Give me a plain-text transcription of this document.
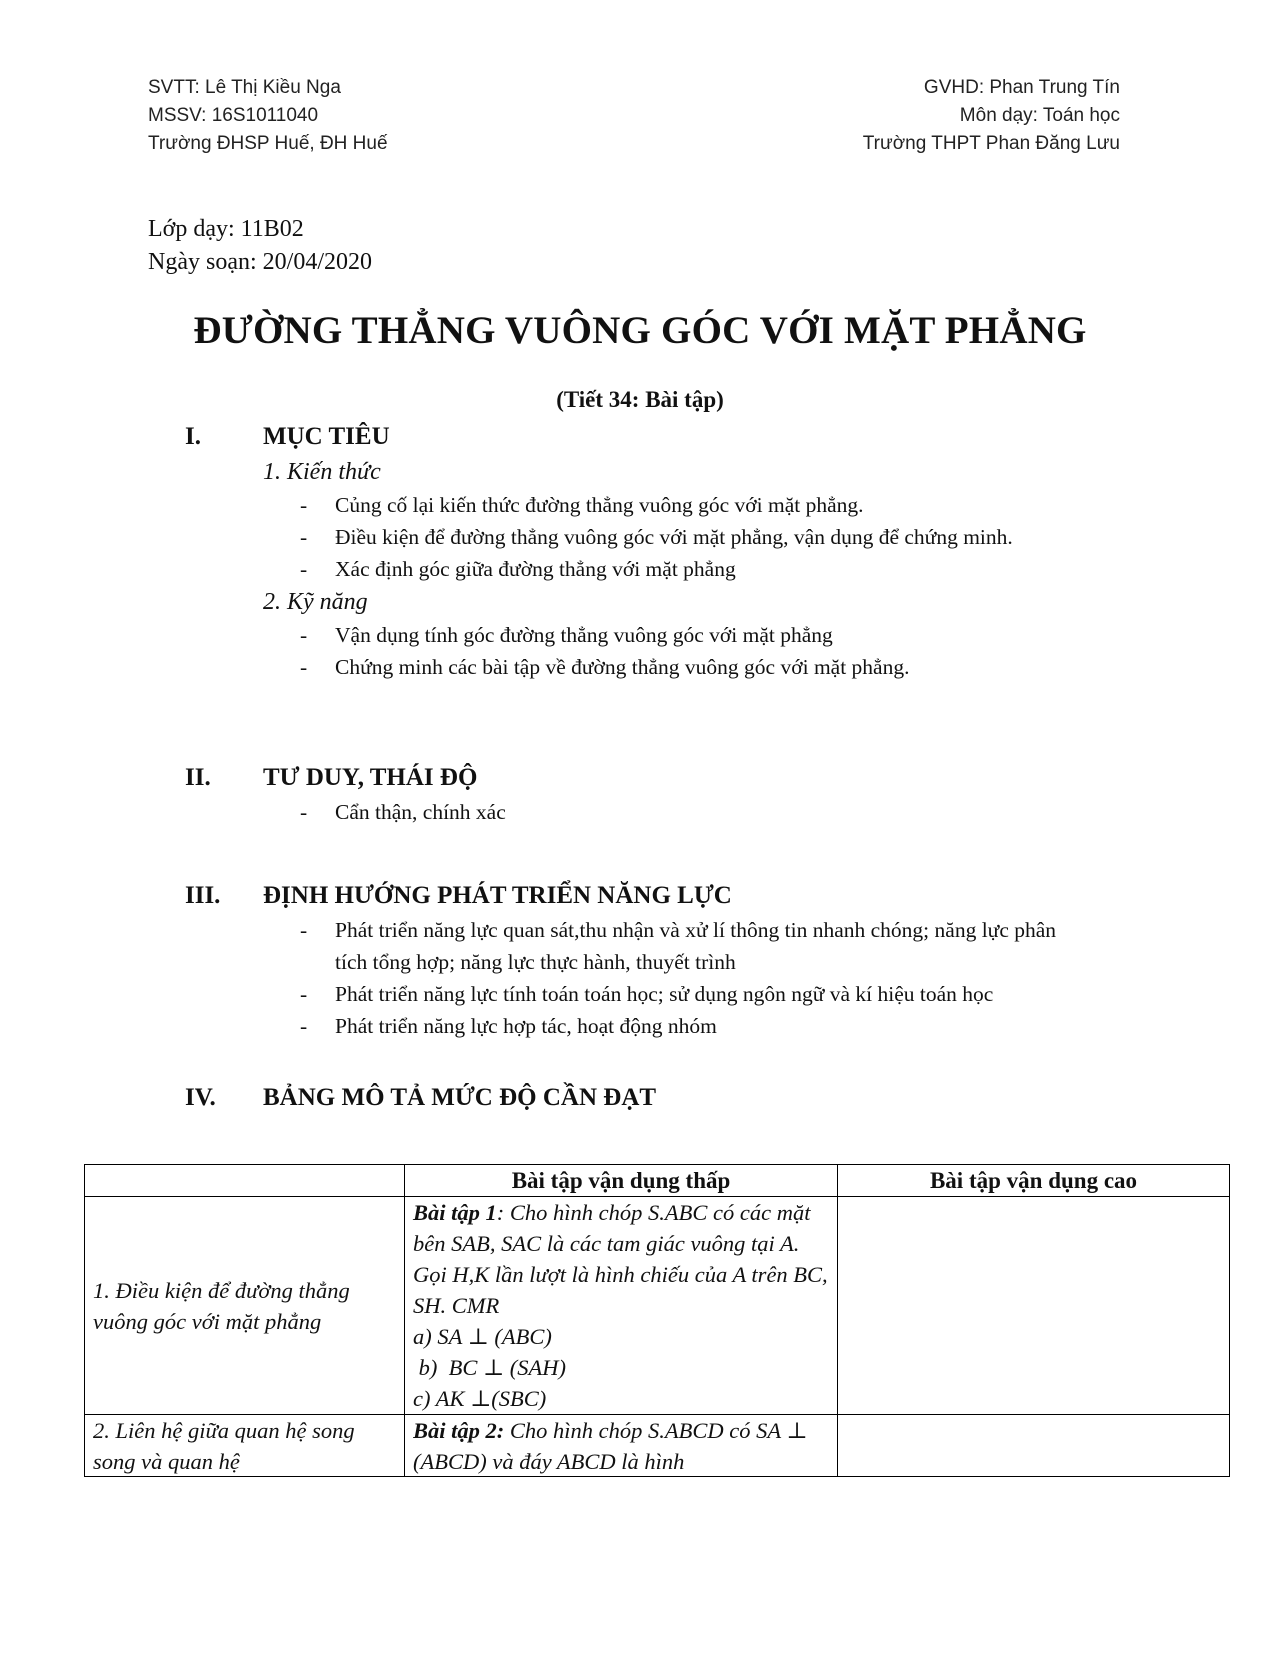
SVTT: Lê Thị Kiều Nga
MSSV: 16S1011040
Trường ĐHSP Huế, ĐH Huế
GVHD: Phan Trung Tín
Môn dạy: Toán học
Trường THPT Phan Đăng Lưu
Lớp dạy: 11B02
Ngày soạn: 20/04/2020
ĐƯỜNG THẲNG VUÔNG GÓC VỚI MẶT PHẲNG
(Tiết 34: Bài tập)
I. MỤC TIÊU
1. Kiến thức
- Củng cố lại kiến thức đường thẳng vuông góc với mặt phẳng.
- Điều kiện để đường thẳng vuông góc với mặt phẳng, vận dụng để chứng minh.
- Xác định góc giữa đường thẳng với mặt phẳng
2. Kỹ năng
- Vận dụng tính góc đường thẳng vuông góc với mặt phẳng
- Chứng minh các bài tập về đường thẳng vuông góc với mặt phẳng.
II. TƯ DUY, THÁI ĐỘ
- Cẩn thận, chính xác
III. ĐỊNH HƯỚNG PHÁT TRIỂN NĂNG LỰC
- Phát triển năng lực quan sát,thu nhận và xử lí thông tin nhanh chóng; năng lực phân tích tổng hợp; năng lực thực hành, thuyết trình
- Phát triển năng lực tính toán toán học; sử dụng ngôn ngữ và kí hiệu toán học
- Phát triển năng lực hợp tác, hoạt động nhóm
IV. BẢNG MÔ TẢ MỨC ĐỘ CẦN ĐẠT
	Bài tập vận dụng thấp	Bài tập vận dụng cao
1. Điều kiện để đường thẳng vuông góc với mặt phẳng	Bài tập 1: Cho hình chóp S.ABC có các mặt bên SAB, SAC là các tam giác vuông tại A. Gọi H,K lần lượt là hình chiếu của A trên BC, SH. CMR
a) SA ⊥ (ABC)
b)  BC ⊥ (SAH)
c) AK ⊥(SBC)	

2. Liên hệ giữa quan hệ song song và quan hệ	Bài tập 2: Cho hình chóp S.ABCD có SA ⊥ (ABCD) và đáy ABCD là hình	
